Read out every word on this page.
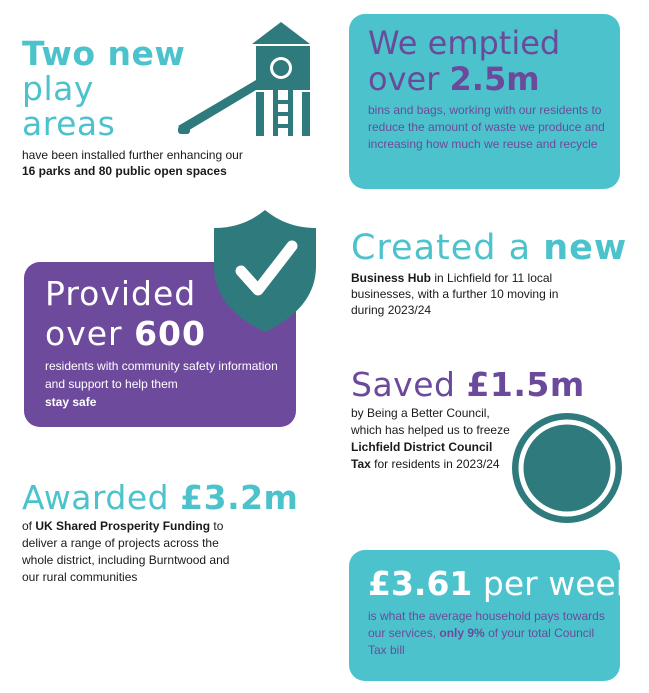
Two new
play
areas
have been installed further enhancing our
16 parks and 80 public open spaces
We emptied
over 2.5m
bins and bags, working with our residents to reduce the amount of waste we produce and increasing how much we reuse and recycle
Provided
over 600
residents with community safety information and support to help them
stay safe
Created a new
Business Hub in Lichfield for 11 local businesses, with a further 10 moving in during 2023/24
Saved £1.5m
by Being a Better Council, which has helped us to freeze Lichfield District Council Tax for residents in 2023/24 £
Awarded £3.2m
of UK Shared Prosperity Funding to deliver a range of projects across the whole district, including Burntwood and our rural communities	£3.61 per week
is what the average household pays towards our services, only 9% of your total Council Tax bill
